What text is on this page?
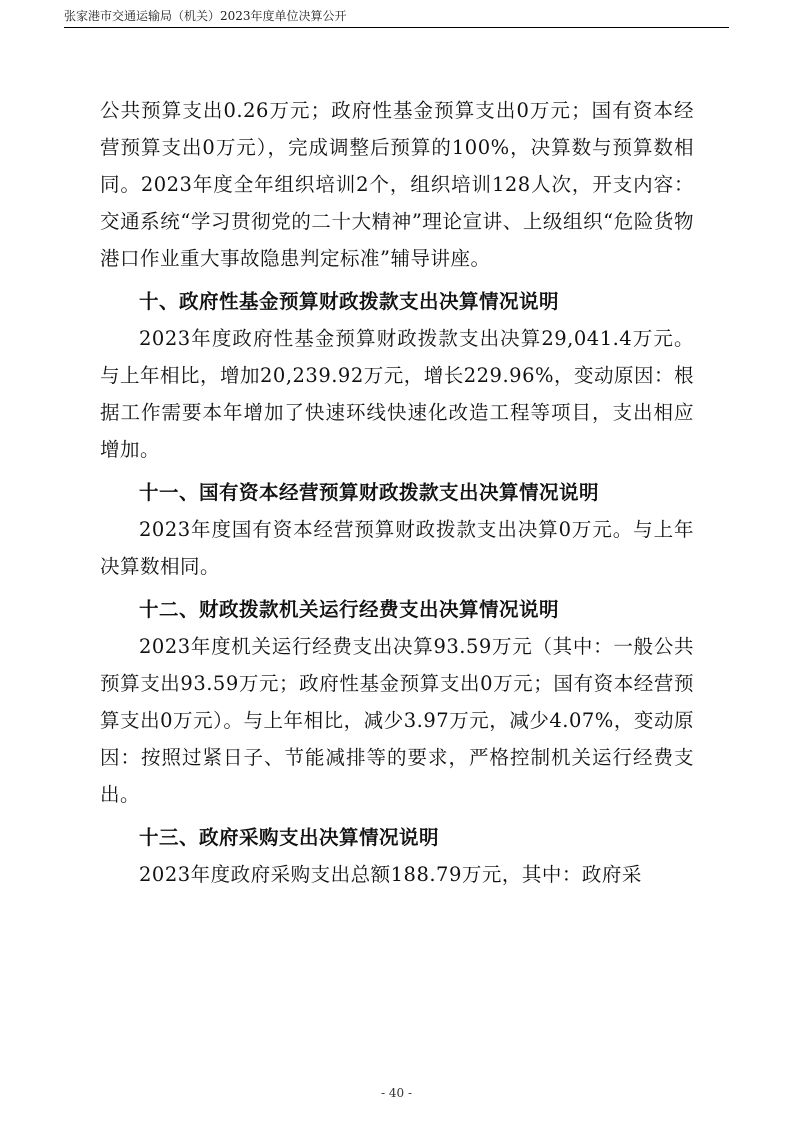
张家港市交通运输局（机关）2023年度单位决算公开

公共预算支出0.26万元；政府性基金预算支出0万元；国有资本经营预算支出0万元），完成调整后预算的100%，决算数与预算数相同。2023年度全年组织培训2个，组织培训128人次，开支内容：交通系统“学习贯彻党的二十大精神”理论宣讲、上级组织“危险货物港口作业重大事故隐患判定标准”辅导讲座。

十、政府性基金预算财政拨款支出决算情况说明

2023年度政府性基金预算财政拨款支出决算29,041.4万元。与上年相比，增加20,239.92万元，增长229.96%，变动原因：根据工作需要本年增加了快速环线快速化改造工程等项目，支出相应增加。

十一、国有资本经营预算财政拨款支出决算情况说明

2023年度国有资本经营预算财政拨款支出决算0万元。与上年决算数相同。

十二、财政拨款机关运行经费支出决算情况说明

2023年度机关运行经费支出决算93.59万元（其中：一般公共预算支出93.59万元；政府性基金预算支出0万元；国有资本经营预算支出0万元）。与上年相比，减少3.97万元，减少4.07%，变动原因：按照过紧日子、节能减排等的要求，严格控制机关运行经费支出。

十三、政府采购支出决算情况说明

2023年度政府采购支出总额188.79万元，其中：政府采

- 40 -
